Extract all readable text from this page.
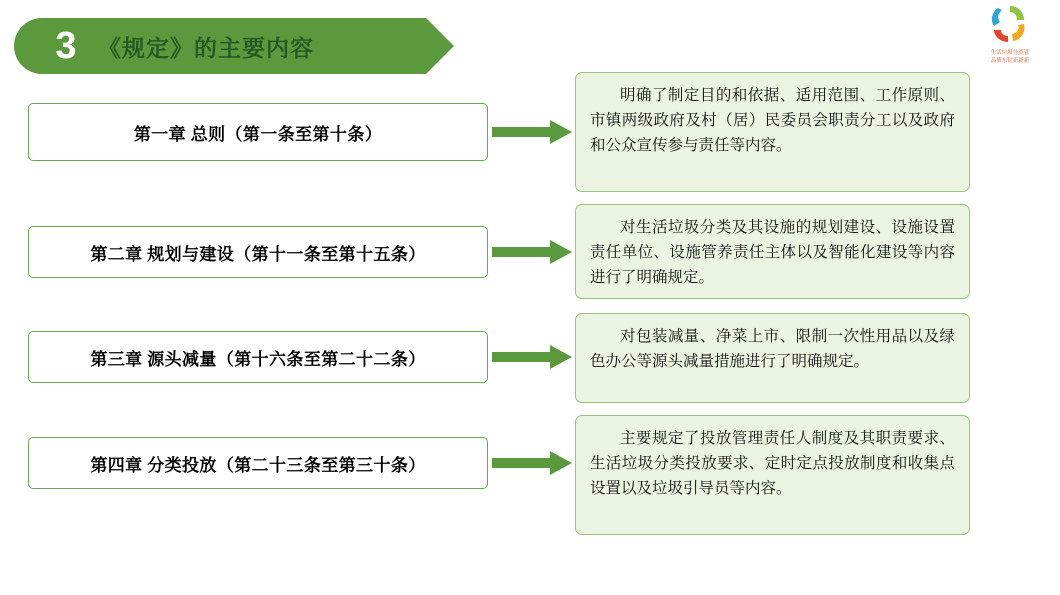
3 《规定》的主要内容	生活垃圾分类管
品质东民新新新
第一章 总则（第一条至第十条）
明确了制定目的和依据、适用范围、工作原则、市镇两级政府及村（居）民委员会职责分工以及政府和公众宣传参与责任等内容。
第二章 规划与建设（第十一条至第十五条）
对生活垃圾分类及其设施的规划建设、设施设置责任单位、设施管养责任主体以及智能化建设等内容进行了明确规定。
第三章 源头减量（第十六条至第二十二条）
对包装减量、净菜上市、限制一次性用品以及绿色办公等源头减量措施进行了明确规定。
第四章 分类投放（第二十三条至第三十条）
主要规定了投放管理责任人制度及其职责要求、生活垃圾分类投放要求、定时定点投放制度和收集点设置以及垃圾引导员等内容。
